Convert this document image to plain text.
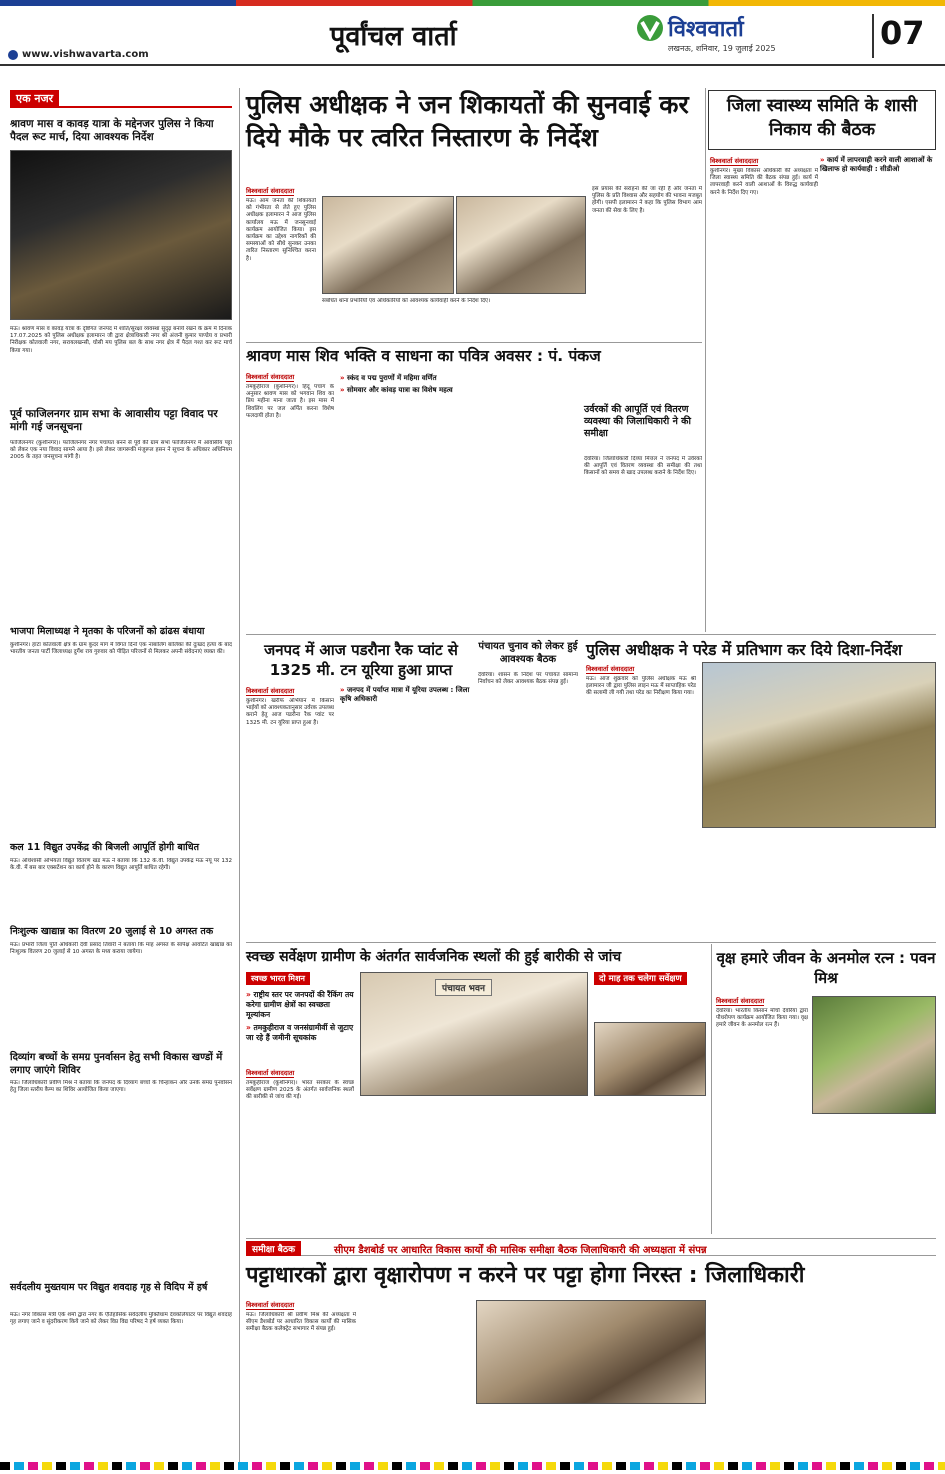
पूर्वांचल वार्ता	विश्ववार्ता
लखनऊ, शनिवार, 19 जुलाई 2025	07
www.vishwavarta.com
एक नजर
श्रावण मास व कावड़ यात्रा के मद्देनजर पुलिस ने किया पैदल रूट मार्च, दिया आवश्यक निर्देश
मऊ। श्रावण मास व कावड़ यात्रा के दृष्टिगत जनपद में शांति/सुरक्षा व्यवस्था सुदृढ़ बनाये रखने के क्रम में दिनांक 17.07.2025 को पुलिस अधीक्षक इलामारन जी द्वारा क्षेत्राधिकारी नगर श्री अंजनी कुमार पाण्डेय व प्रभारी निरीक्षक कोतवाली नगर, सरायलखन्सी, घोसी मय पुलिस बल के साथ नगर क्षेत्र में पैदल गश्त कर रूट मार्च किया गया।
पूर्व फाजिलनगर ग्राम सभा के आवासीय पट्टा विवाद पर मांगी गई जनसूचना
फाजिलनगर (कुशीनगर)। फाजिलनगर नगर पंचायत बनने से पूर्व की ग्राम सभा फाजिलनगर में आवासीय पट्टा को लेकर एक नया विवाद सामने आया है। इसे लेकर जागरूकी मंजूरूल हसन ने सूचना के अधिकार अधिनियम 2005 के तहत जनसूचना मांगी है।
भाजपा मिलाध्यक्ष ने मृतका के परिजनों को ढांढस बंधाया
कुशीनगर। हाटा कोतवाली क्षेत्र के ग्राम कुंदर मांग में विगत दिनों एक नाबालिग बालिका की दुःखद हत्या के बाद भारतीय जनता पार्टी जिलाध्यक्ष दुर्गेश राय गुरुवार को पीड़ित परिजनों से मिलकर अपनी संवेदनाएं व्यक्त की।
कल 11 विद्युत उपकेंद्र की बिजली आपूर्ति होगी बाधित
मऊ। अधिशासी अभियंता विद्युत वितरण खंड मऊ ने बताया कि 132 के.वी. विद्युत उपकेंद्र मऊ नयू पर 132 के.वी. में बस बार एक्सटेंशन का कार्य होने के कारण विद्युत आपूर्ति बाधित रहेगी।
निःशुल्क खाद्यान्न का वितरण 20 जुलाई से 10 अगस्त तक
मऊ। प्रभारी जिला पूर्ति अधिकारी देवी प्रसाद तिवारी ने बताया कि माह अगस्त के सापेक्ष आवंटित खाद्यान्न का निःशुल्क वितरण 20 जुलाई से 10 अगस्त के मध्य कराया जायेगा।
दिव्यांग बच्चों के समग्र पुनर्वासन हेतु सभी विकास खण्डों में लगाए जाएंगे शिविर
मऊ। जिलाधिकारी प्रवीण मिश्र ने बताया कि जनपद के दिव्यांग बच्चों के चिन्हांकन और उनके समग्र पुनर्वासन हेतु जिला स्तरीय कैम्प का शिविर आयोजित किया जाएगा।
सर्वदलीय मुख्तयाम पर विद्युत शवदाह गृह से विदिप में हर्ष
मऊ। नगर विकास मंत्री एके शर्मा द्वारा नगर के ऐतिहासिक सर्वदलीय मुक्तिधाम देवकलियाटर पर विद्युत शवदाह गृह लगाए जाने व सुंदरीकरण किये जाने को लेकर विप्र विद्य परिषद ने हर्ष व्यक्त किया।
पुलिस अधीक्षक ने जन शिकायतों की सुनवाई कर दिये मौके पर त्वरित निस्तारण के निर्देश
विश्ववार्ता संवाददाता
मऊ। आम जनता की शिकायतों को गंभीरता से लेते हुए पुलिस अधीक्षक इलामारन ने आज पुलिस कार्यालय मऊ में जनसुनवाई कार्यक्रम आयोजित किया। इस कार्यक्रम का उद्देश्य नागरिकों की समस्याओं को सीधे सुनकर उनका त्वरित निस्तारण सुनिश्चित करना है।
संबंधित थाना प्रभारियों एवं अधिकारियों को आवश्यक कार्यवाही करने के निर्देश दिए।
इस प्रयास की सराहना की जा रही है और जनता में पुलिस के प्रति विश्वास और सहयोग की भावना मजबूत होगी। एसपी इलामारन ने कहा कि पुलिस विभाग आम जनता की सेवा के लिए है।
जिला स्वास्थ्य समिति के शासी निकाय की बैठक
विश्ववार्ता संवाददाता	» कार्य में लापरवाही करने वाली आशाओं के खिलाफ हो कार्यवाही : सीडीओ
कुशीनगर। मुख्य विकास अधिकारी की अध्यक्षता में जिला स्वास्थ्य समिति की बैठक संपन्न हुई। कार्य में लापरवाही करने वाली आशाओं के विरुद्ध कार्यवाही करने के निर्देश दिए गए।
श्रावण मास शिव भक्ति व साधना का पवित्र अवसर : पं. पंकज
विश्ववार्ता संवाददाता	» स्कंद व पद्म पुराणों में महिमा वर्णित
» सोमवार और कांवड़ यात्रा का विशेष महत्व
तमकुहीराज (कुशीनगर)। हिंदू पंचांग के अनुसार श्रावण मास को भगवान शिव का प्रिय महीना माना जाता है। इस मास में शिवलिंग पर जल अर्पित करना विशेष फलदायी होता है।
उर्वरकों की आपूर्ति एवं वितरण व्यवस्था की जिलाधिकारी ने की समीक्षा
देवरिया। जिलाधिकारी दिव्या मित्तल ने जनपद में उर्वरकों की आपूर्ति एवं वितरण व्यवस्था की समीक्षा की तथा किसानों को समय से खाद उपलब्ध कराने के निर्देश दिए।
जनपद में आज पडरौना रैक प्वांट से 1325 मी. टन यूरिया हुआ प्राप्त
विश्ववार्ता संवाददाता	» जनपद में पर्याप्त मात्रा में यूरिया उपलब्ध : जिला कृषि अधिकारी
कुशीनगर। खरीफ अभियान में किसान भाईयों को आवश्यकतानुसार उर्वरक उपलब्ध कराने हेतु आज पडरौना रैक प्वांट पर 1325 मी. टन यूरिया प्राप्त हुआ है।
पंचायत चुनाव को लेकर हुई आवश्यक बैठक
देवरिया। शासन के निर्देश पर पंचायत सामान्य निर्वाचन को लेकर आवश्यक बैठक संपन्न हुई।
पुलिस अधीक्षक ने परेड में प्रतिभाग कर दिये दिशा-निर्देश
विश्ववार्ता संवाददाता
मऊ। आज शुक्रवार को पुलिस अधीक्षक मऊ श्री इलामारन जी द्वारा पुलिस लाइन मऊ में साप्ताहिक परेड की सलामी ली गयी तथा परेड का निरीक्षण किया गया।
स्वच्छ सर्वेक्षण ग्रामीण के अंतर्गत सार्वजनिक स्थलों की हुई बारीकी से जांच
स्वच्छ भारत मिशन
» राष्ट्रीय स्तर पर जनपदों की रैंकिंग तय करेगा ग्रामीण क्षेत्रों का स्वच्छता मूल्यांकन
» तमकुहीराज व जनसंग्रामीर्वी से जुटाए जा रहे हैं जमीनी सूचकांक
विश्ववार्ता संवाददाता
तमकुहीराज (कुशीनगर)। भारत सरकार के स्वच्छ सर्वेक्षण ग्रामीण 2025 के अंतर्गत सार्वजनिक स्थलों की बारीकी से जांच की गई।
पंचायत भवन
दो माह तक चलेगा सर्वेक्षण
वृक्ष हमारे जीवन के अनमोल रत्न : पवन मिश्र
विश्ववार्ता संवाददाता
देवरिया। भारतीय किसान मोर्चा देवरिया द्वारा पौधरोपण कार्यक्रम आयोजित किया गया। वृक्ष हमारे जीवन के अनमोल रत्न हैं।
समीक्षा बैठक	सीएम डैशबोर्ड पर आधारित विकास कार्यों की मासिक समीक्षा बैठक जिलाधिकारी की अध्यक्षता में संपन्न
पट्टाधारकों द्वारा वृक्षारोपण न करने पर पट्टा होगा निरस्त : जिलाधिकारी
विश्ववार्ता संवाददाता
मऊ। जिलाधिकारी श्री प्रवीण मिश्र की अध्यक्षता में सीएम डैशबोर्ड पर आधारित विकास कार्यों की मासिक समीक्षा बैठक कलेक्ट्रेट सभागार में संपन्न हुई।
